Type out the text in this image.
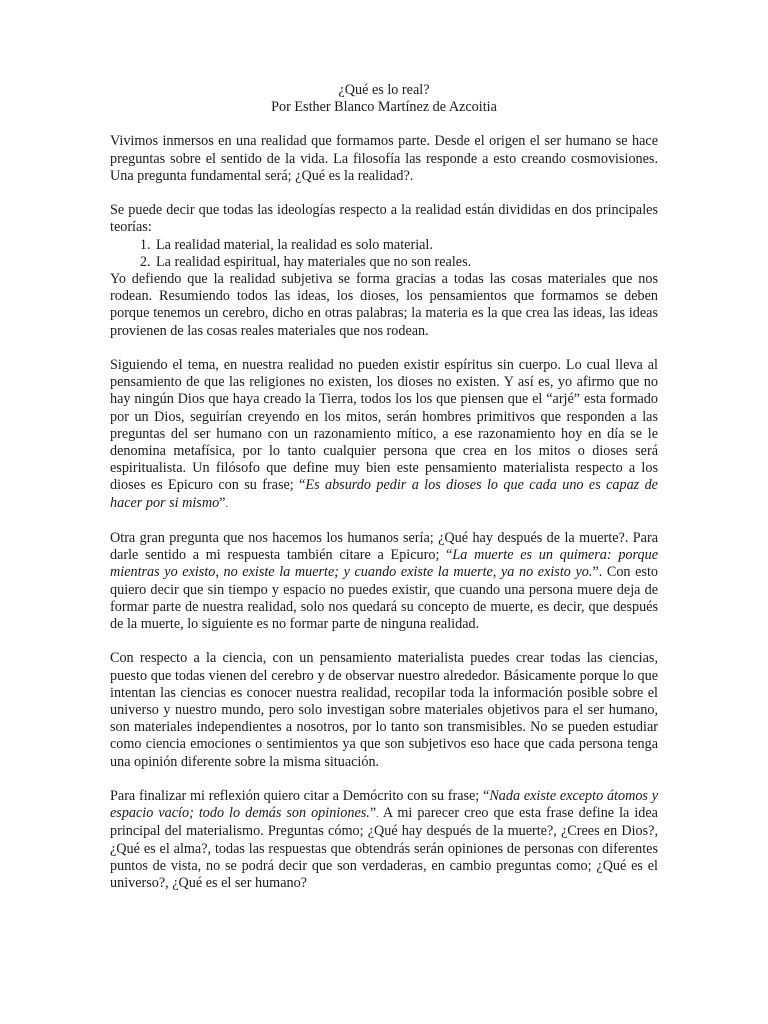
¿Qué es lo real?
Por Esther Blanco Martínez de Azcoitia

Vivimos inmersos en una realidad que formamos parte. Desde el origen el ser humano se hace preguntas sobre el sentido de la vida. La filosofía las responde a esto creando cosmovisiones. Una pregunta fundamental será; ¿Qué es la realidad?.

Se puede decir que todas las ideologías respecto a la realidad están divididas en dos principales teorías:

1. La realidad material, la realidad es solo material.
2. La realidad espiritual, hay materiales que no son reales.

Yo defiendo que la realidad subjetiva se forma gracias a todas las cosas materiales que nos rodean. Resumiendo todos las ideas, los dioses, los pensamientos que formamos se deben porque tenemos un cerebro, dicho en otras palabras; la materia es la que crea las ideas, las ideas provienen de las cosas reales materiales que nos rodean.

Siguiendo el tema, en nuestra realidad no pueden existir espíritus sin cuerpo. Lo cual lleva al pensamiento de que las religiones no existen, los dioses no existen. Y así es, yo afirmo que no hay ningún Dios que haya creado la Tierra, todos los los que piensen que el “arjé” esta formado por un Dios, seguirían creyendo en los mitos, serán hombres primitivos que responden a las preguntas del ser humano con un razonamiento mítico, a ese razonamiento hoy en día se le denomina metafísica, por lo tanto cualquier persona que crea en los mitos o dioses será espiritualista. Un filósofo que define muy bien este pensamiento materialista respecto a los dioses es Epicuro con su frase; “Es absurdo pedir a los dioses lo que cada uno es capaz de hacer por si mismo”.

Otra gran pregunta que nos hacemos los humanos sería; ¿Qué hay después de la muerte?. Para darle sentido a mi respuesta también citare a Epicuro; “La muerte es un quimera: porque mientras yo existo, no existe la muerte; y cuando existe la muerte, ya no existo yo.”. Con esto quiero decir que sin tiempo y espacio no puedes existir, que cuando una persona muere deja de formar parte de nuestra realidad, solo nos quedará su concepto de muerte, es decir, que después de la muerte, lo siguiente es no formar parte de ninguna realidad.

Con respecto a la ciencia, con un pensamiento materialista puedes crear todas las ciencias, puesto que todas vienen del cerebro y de observar nuestro alrededor. Básicamente porque lo que intentan las ciencias es conocer nuestra realidad, recopilar toda la información posible sobre el universo y nuestro mundo, pero solo investigan sobre materiales objetivos para el ser humano, son materiales independientes a nosotros, por lo tanto son transmisibles. No se pueden estudiar como ciencia emociones o sentimientos ya que son subjetivos eso hace que cada persona tenga una opinión diferente sobre la misma situación.

Para finalizar mi reflexión quiero citar a Demócrito con su frase; “Nada existe excepto átomos y espacio vacío; todo lo demás son opiniones.”. A mi parecer creo que esta frase define la idea principal del materialismo. Preguntas cómo; ¿Qué hay después de la muerte?, ¿Crees en Dios?, ¿Qué es el alma?, todas las respuestas que obtendrás serán opiniones de personas con diferentes puntos de vista, no se podrá decir que son verdaderas, en cambio preguntas como; ¿Qué es el universo?, ¿Qué es el ser humano?
